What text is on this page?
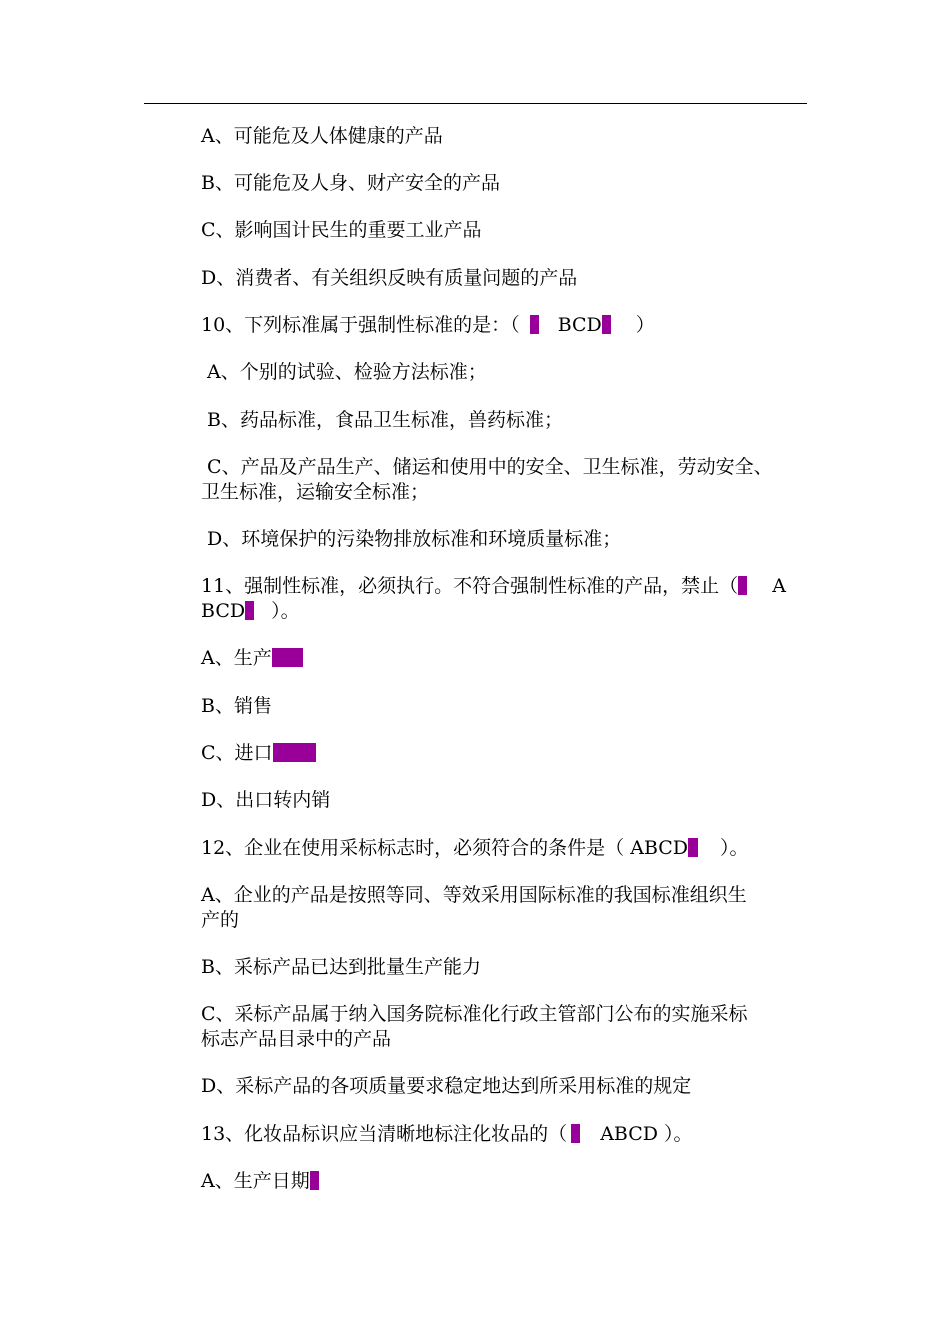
A、可能危及人体健康的产品
B、可能危及人身、财产安全的产品
C、影响国计民生的重要工业产品
D、消费者、有关组织反映有质量问题的产品
10、下列标准属于强制性标准的是：（ BCD ）
A、个别的试验、检验方法标准；
B、药品标准，食品卫生标准，兽药标准；
C、产品及产品生产、储运和使用中的安全、卫生标准，劳动安全、
卫生标准，运输安全标准；
D、环境保护的污染物排放标准和环境质量标准；
11、强制性标准，必须执行。不符合强制性标准的产品，禁止（ A
BCD ）。
A、生产
B、销售
C、进口
D、出口转内销
12、企业在使用采标标志时，必须符合的条件是（ ABCD ）。
A、企业的产品是按照等同、等效采用国际标准的我国标准组织生
产的
B、采标产品已达到批量生产能力
C、采标产品属于纳入国务院标准化行政主管部门公布的实施采标
标志产品目录中的产品
D、采标产品的各项质量要求稳定地达到所采用标准的规定
13、化妆品标识应当清晰地标注化妆品的（ ABCD ）。
A、生产日期
